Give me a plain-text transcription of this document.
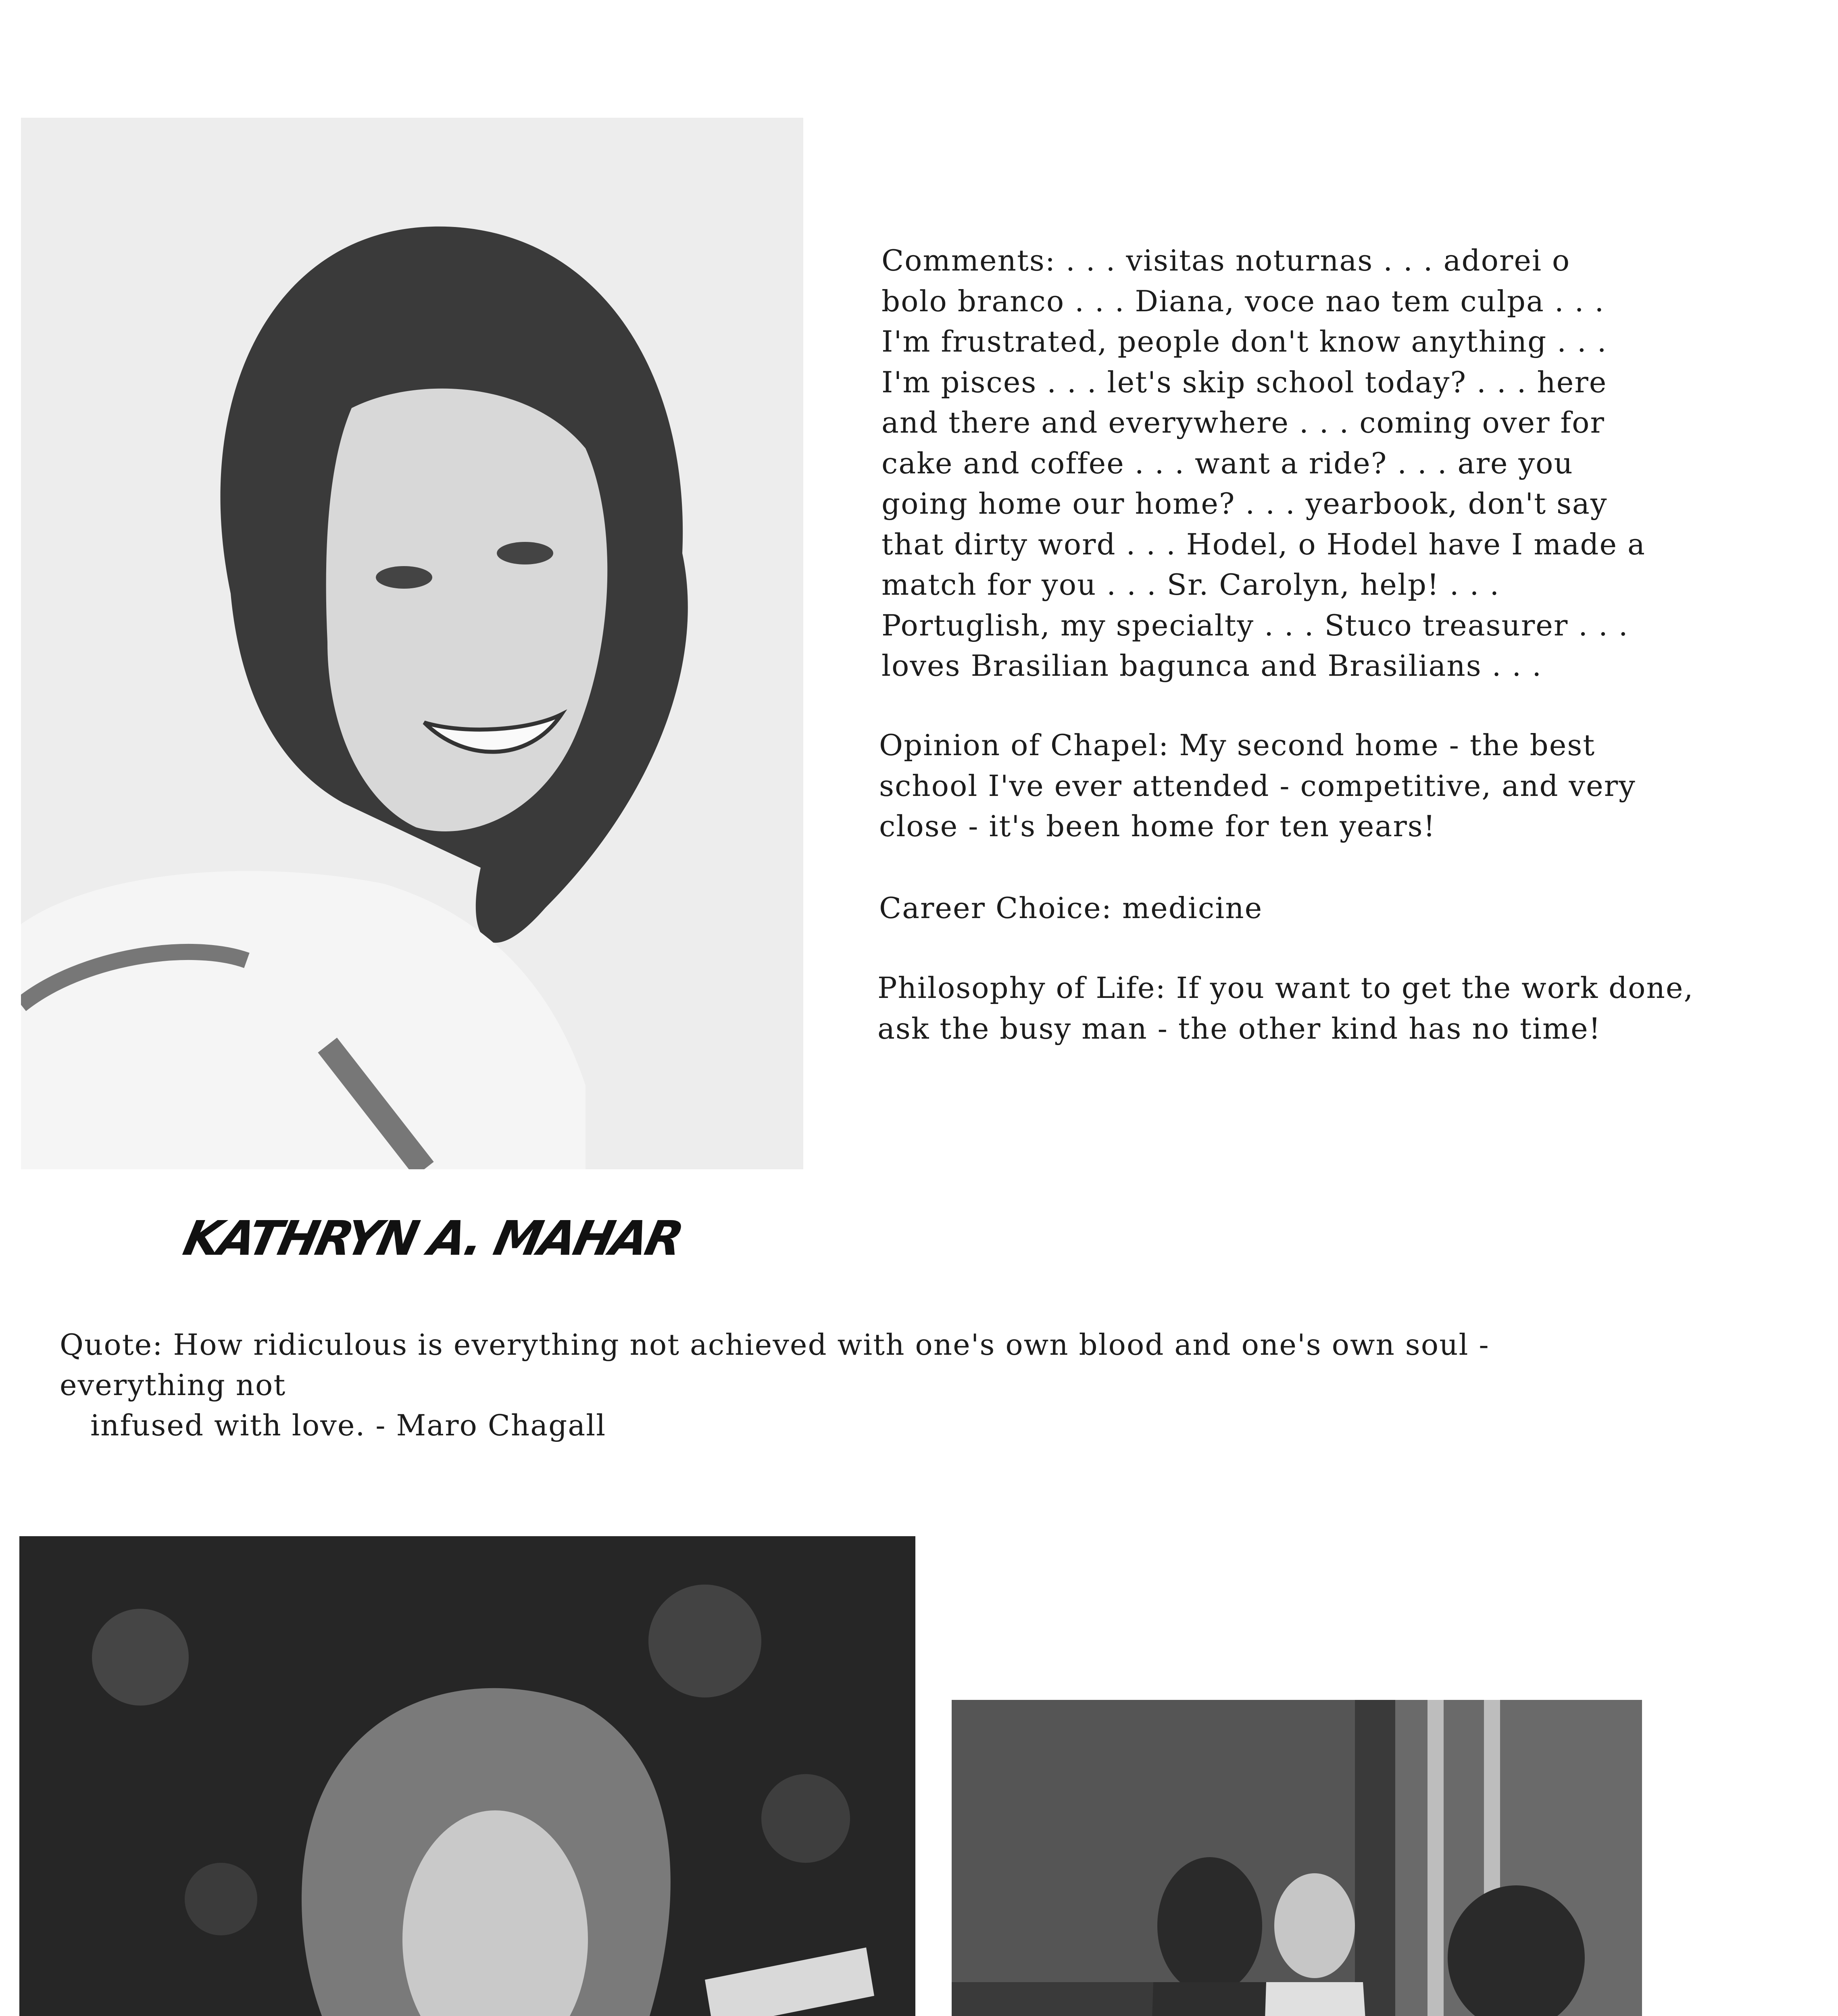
Comments: . . . visitas noturnas . . . adorei o
bolo branco . . . Diana, voce nao tem culpa . . .
I'm frustrated, people don't know anything . . .
I'm pisces . . . let's skip school today? . . . here
and there and everywhere . . . coming over for
cake and coffee . . . want a ride? . . . are you
going home our home? . . . yearbook, don't say
that dirty word . . . Hodel, o Hodel have I made a
match for you . . . Sr. Carolyn, help! . . .
Portuglish, my specialty . . . Stuco treasurer . . .
loves Brasilian bagunca and Brasilians . . .
Opinion of Chapel: My second home - the best
school I've ever attended - competitive, and very
close - it's been home for ten years!
Career Choice: medicine
Philosophy of Life: If you want to get the work done,
ask the busy man - the other kind has no time!
KATHRYN A. MAHAR
Quote: How ridiculous is everything not achieved with one's own blood and one's own soul - everything not
infused with love. - Maro Chagall
